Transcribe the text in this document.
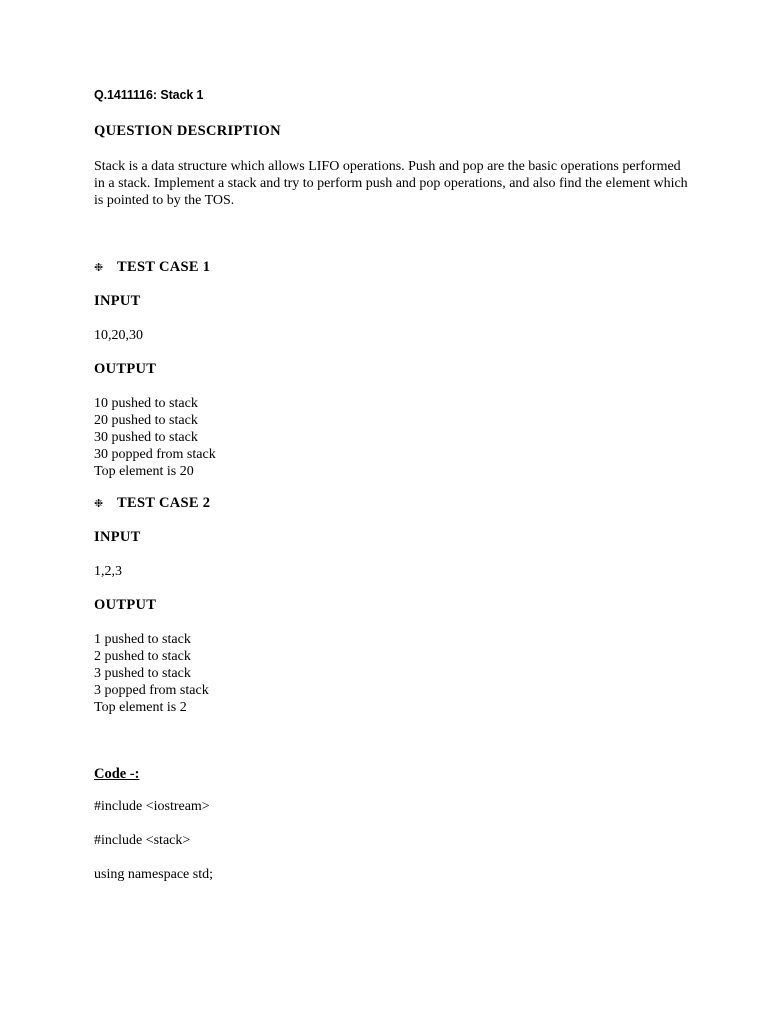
Q.1411116: Stack 1
QUESTION DESCRIPTION
Stack is a data structure which allows LIFO operations. Push and pop are the basic operations performed in a stack. Implement a stack and try to perform push and pop operations, and also find the element which is pointed to by the TOS.
❉ TEST CASE 1
INPUT
10,20,30
OUTPUT
10 pushed to stack
20 pushed to stack
30 pushed to stack
30 popped from stack
Top element is 20
❉ TEST CASE 2
INPUT
1,2,3
OUTPUT
1 pushed to stack
2 pushed to stack
3 pushed to stack
3 popped from stack
Top element is 2
Code -:
#include <iostream>
#include <stack>
using namespace std;
